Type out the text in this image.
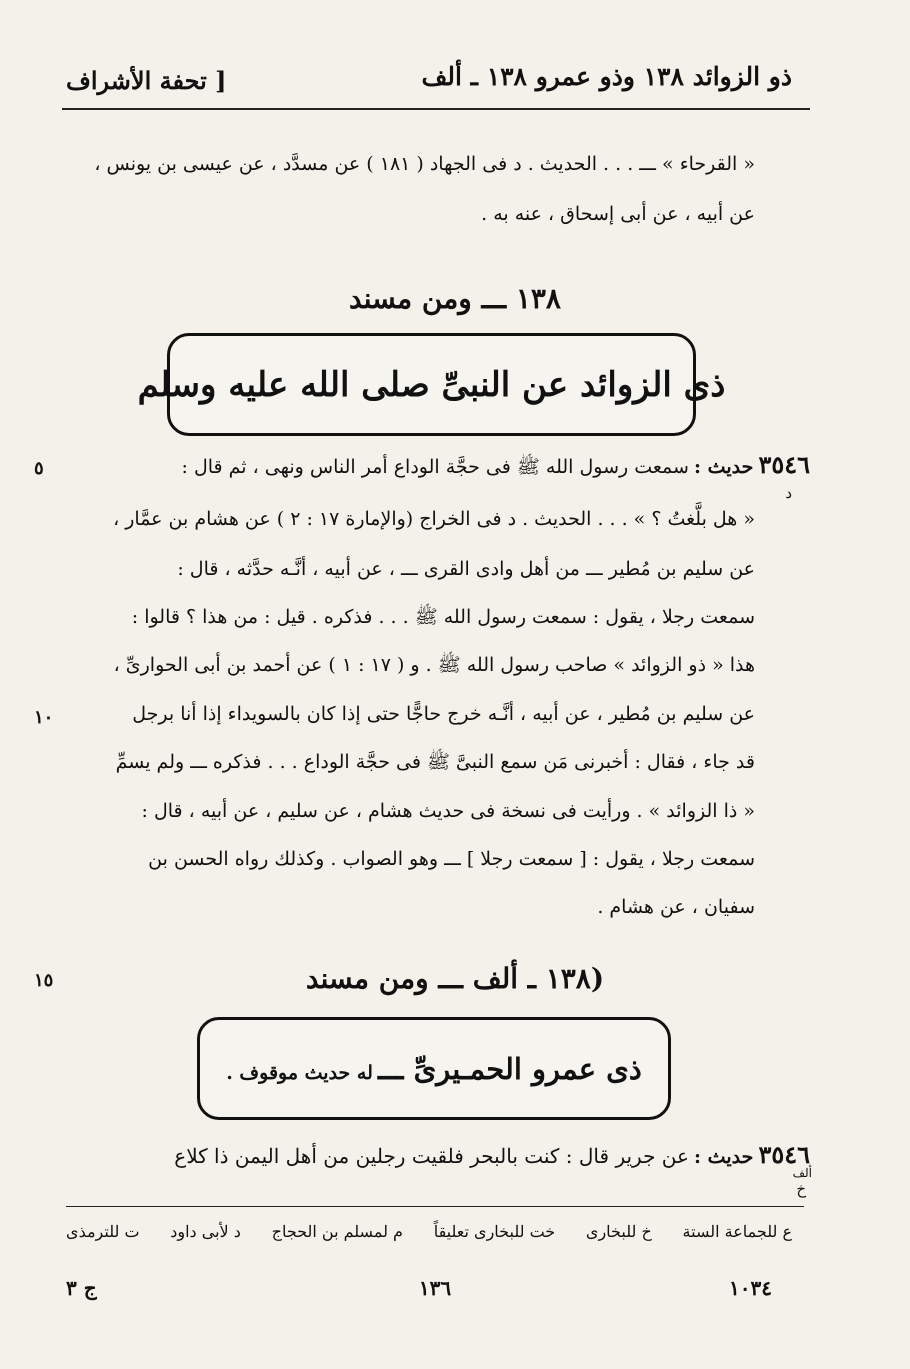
ذو الزوائد ١٣٨ وذو عمرو ١٣٨ ـ ألف
[ تحفة الأشراف
« القرحاء » ـــ . . . الحديث . د فى الجهاد ( ١٨١ ) عن مسدَّد ، عن عيسى بن يونس ،
عن أبيه ، عن أبى إسحاق ، عنه به .
١٣٨ ـــ ومن مسند
ذى الزوائد عن النبىِّ صلى الله عليه وسلم
٣٥٤٦ حديث : سمعت رسول الله ﷺ فى حجَّة الوداع أمر الناس ونهى ، ثم قال :
« هل بلَّغتُ ؟ » . . . الحديث . د فى الخراج (والإمارة ١٧ : ٢ ) عن هشام بن عمَّار ،
عن سليم بن مُطير ـــ من أهل وادى القرى ـــ ، عن أبيه ، أنَّـه حدَّثه ، قال :
سمعت رجلا ، يقول : سمعت رسول الله ﷺ . . . فذكره . قيل : من هذا ؟ قالوا :
هذا « ذو الزوائد » صاحب رسول الله ﷺ . و ( ١٧ : ١ ) عن أحمد بن أبى الحوارىِّ ،
عن سليم بن مُطير ، عن أبيه ، أنَّـه خرج حاجًّا حتى إذا كان بالسويداء إذا أنا برجل
قد جاء ، فقال : أخبرنى مَن سمع النبىَّ ﷺ فى حجَّة الوداع . . . فذكره ـــ ولم يسمِّ
« ذا الزوائد » . ورأيت فى نسخة فى حديث هشام ، عن سليم ، عن أبيه ، قال :
سمعت رجلا ، يقول : [ سمعت رجلا ] ـــ وهو الصواب . وكذلك رواه الحسن بن
سفيان ، عن هشام .
٥
د
١٠
١٥	(١٣٨ ـ ألف ـــ ومن مسند
ذى عمرو الحمـيرىِّ ـــ له حديث موقوف .
٣٥٤٦ حديث : عن جرير قال : كنت بالبحر فلقيت رجلين من أهل اليمن ذا كلاع
ألف
خ
ع للجماعة الستة
خ للبخارى
خت للبخارى تعليقاً
م لمسلم بن الحجاج
د لأبى داود
ت للترمذى
١٠٣٤
١٣٦
ج ٣
